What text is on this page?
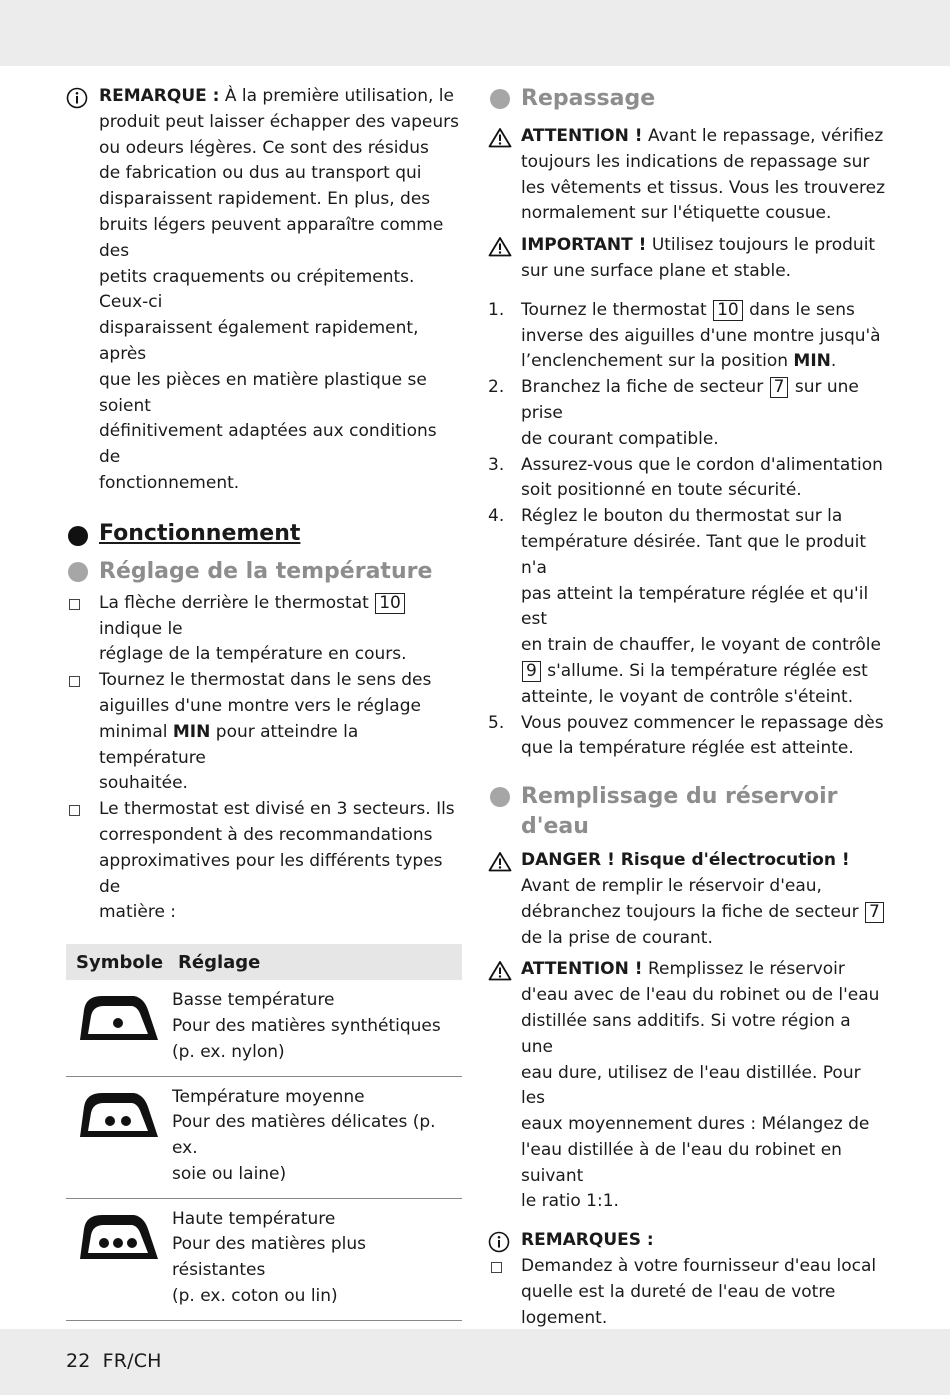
REMARQUE : À la première utilisation, le
produit peut laisser échapper des vapeurs
ou odeurs légères. Ce sont des résidus
de fabrication ou dus au transport qui
disparaissent rapidement. En plus, des
bruits légers peuvent apparaître comme des
petits craquements ou crépitements. Ceux-ci
disparaissent également rapidement, après
que les pièces en matière plastique se soient
définitivement adaptées aux conditions de
fonctionnement.
Fonctionnement
Réglage de la température
La flèche derrière le thermostat 10 indique le
réglage de la température en cours.
Tournez le thermostat dans le sens des
aiguilles d'une montre vers le réglage
minimal MIN pour atteindre la température
souhaitée.
Le thermostat est divisé en 3 secteurs. Ils
correspondent à des recommandations
approximatives pour les différents types de
matière :
Symbole	Réglage

Basse température
Pour des matières synthétiques
(p. ex. nylon)

Température moyenne
Pour des matières délicates (p. ex.
soie ou laine)

Haute température
Pour des matières plus résistantes
(p. ex. coton ou lin)

Repassage
ATTENTION ! Avant le repassage, vérifiez
toujours les indications de repassage sur
les vêtements et tissus. Vous les trouverez
normalement sur l'étiquette cousue.
IMPORTANT ! Utilisez toujours le produit
sur une surface plane et stable.
1. Tournez le thermostat 10 dans le sens
inverse des aiguilles d'une montre jusqu'à
l’enclenchement sur la position MIN.
2. Branchez la fiche de secteur 7 sur une prise
de courant compatible.
3. Assurez-vous que le cordon d'alimentation
soit positionné en toute sécurité.
4. Réglez le bouton du thermostat sur la
température désirée. Tant que le produit n'a
pas atteint la température réglée et qu'il est
en train de chauffer, le voyant de contrôle
9 s'allume. Si la température réglée est
atteinte, le voyant de contrôle s'éteint.
5. Vous pouvez commencer le repassage dès
que la température réglée est atteinte.
Remplissage du réservoir
d'eau
DANGER ! Risque d'électrocution !
Avant de remplir le réservoir d'eau,
débranchez toujours la fiche de secteur 7
de la prise de courant.
ATTENTION ! Remplissez le réservoir
d'eau avec de l'eau du robinet ou de l'eau
distillée sans additifs. Si votre région a une
eau dure, utilisez de l'eau distillée. Pour les
eaux moyennement dures : Mélangez de
l'eau distillée à de l'eau du robinet en suivant
le ratio 1:1.
REMARQUES :
Demandez à votre fournisseur d'eau local
quelle est la dureté de l'eau de votre
logement.
22 FR/CH
